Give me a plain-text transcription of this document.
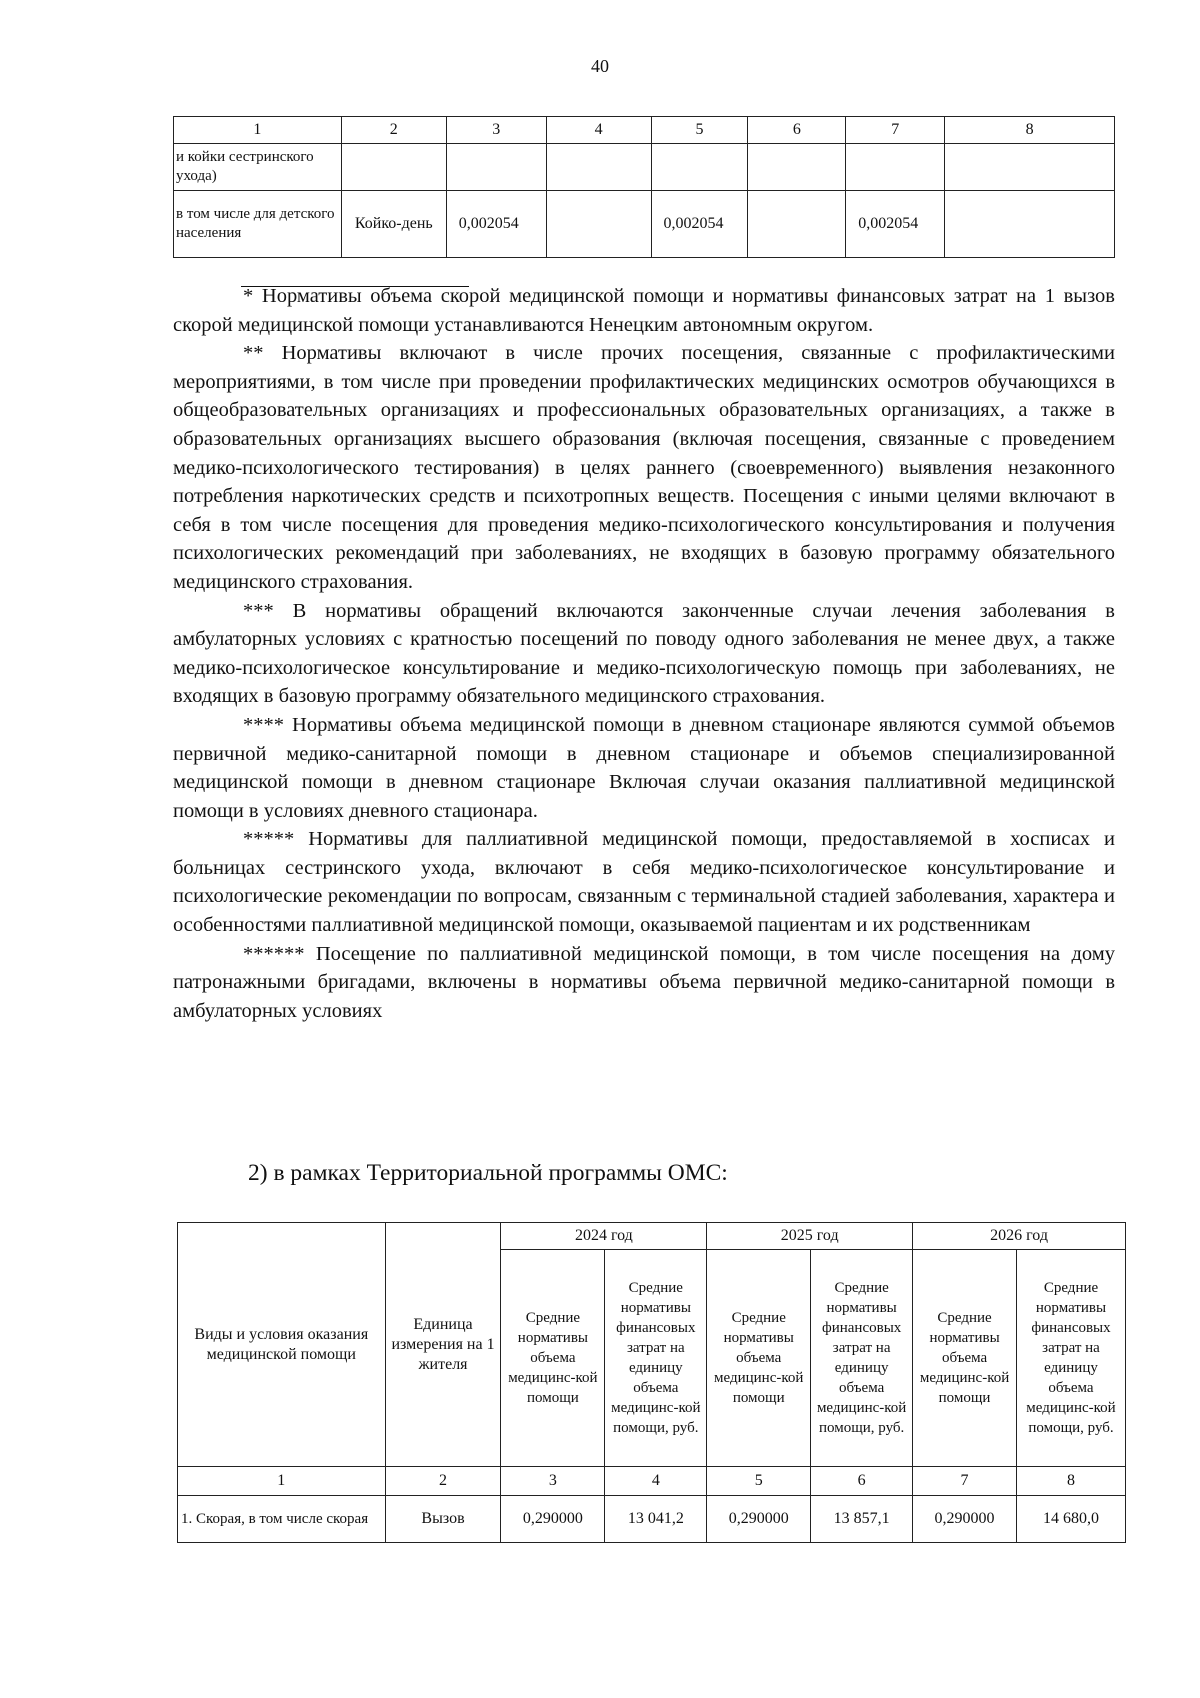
40
1	2	3	4	5	6	7	8
и койки сестринского ухода)							
в том числе для детского населения	Койко-день	0,002054		0,002054		0,002054	

* Нормативы объема скорой медицинской помощи и нормативы финансовых затрат на 1 вызов скорой медицинской помощи устанавливаются Ненецким автономным округом.

** Нормативы включают в числе прочих посещения, связанные с профилактическими мероприятиями, в том числе при проведении профилактических медицинских осмотров обучающихся в общеобразовательных организациях и профессиональных образовательных организациях, а также в образовательных организациях высшего образования (включая посещения, связанные с проведением медико-психологического тестирования) в целях раннего (своевременного) выявления незаконного потребления наркотических средств и психотропных веществ. Посещения с иными целями включают в себя в том числе посещения для проведения медико-психологического консультирования и получения психологических рекомендаций при заболеваниях, не входящих в базовую программу обязательного медицинского страхования.

*** В нормативы обращений включаются законченные случаи лечения заболевания в амбулаторных условиях с кратностью посещений по поводу одного заболевания не менее двух, а также медико-психологическое консультирование и медико-психологическую помощь при заболеваниях, не входящих в базовую программу обязательного медицинского страхования.

**** Нормативы объема медицинской помощи в дневном стационаре являются суммой объемов первичной медико-санитарной помощи в дневном стационаре и объемов специализированной медицинской помощи в дневном стационаре Включая случаи оказания паллиативной медицинской помощи в условиях дневного стационара.

***** Нормативы для паллиативной медицинской помощи, предоставляемой в хосписах и больницах сестринского ухода, включают в себя медико-психологическое консультирование и психологические рекомендации по вопросам, связанным с терминальной стадией заболевания, характера и особенностями паллиативной медицинской помощи, оказываемой пациентам и их родственникам

****** Посещение по паллиативной медицинской помощи, в том числе посещения на дому патронажными бригадами, включены в нормативы объема первичной медико-санитарной помощи в амбулаторных условиях

2) в рамках Территориальной программы ОМС:
Виды и условия оказания медицинской помощи	Единица измерения на 1 жителя	2024 год		2025 год		2026 год	
		Средние нормативы объема медицинс-кой помощи	Средние нормативы финансовых затрат на единицу объема медицинс-кой помощи, руб.	Средние нормативы объема медицинс-кой помощи	Средние нормативы финансовых затрат на единицу объема медицинс-кой помощи, руб.	Средние нормативы объема медицинс-кой помощи	Средние нормативы финансовых затрат на единицу объема медицинс-кой помощи, руб.
1	2	3	4	5	6	7	8
1. Скорая, в том числе скорая	Вызов	0,290000	13 041,2	0,290000	13 857,1	0,290000	14 680,0
